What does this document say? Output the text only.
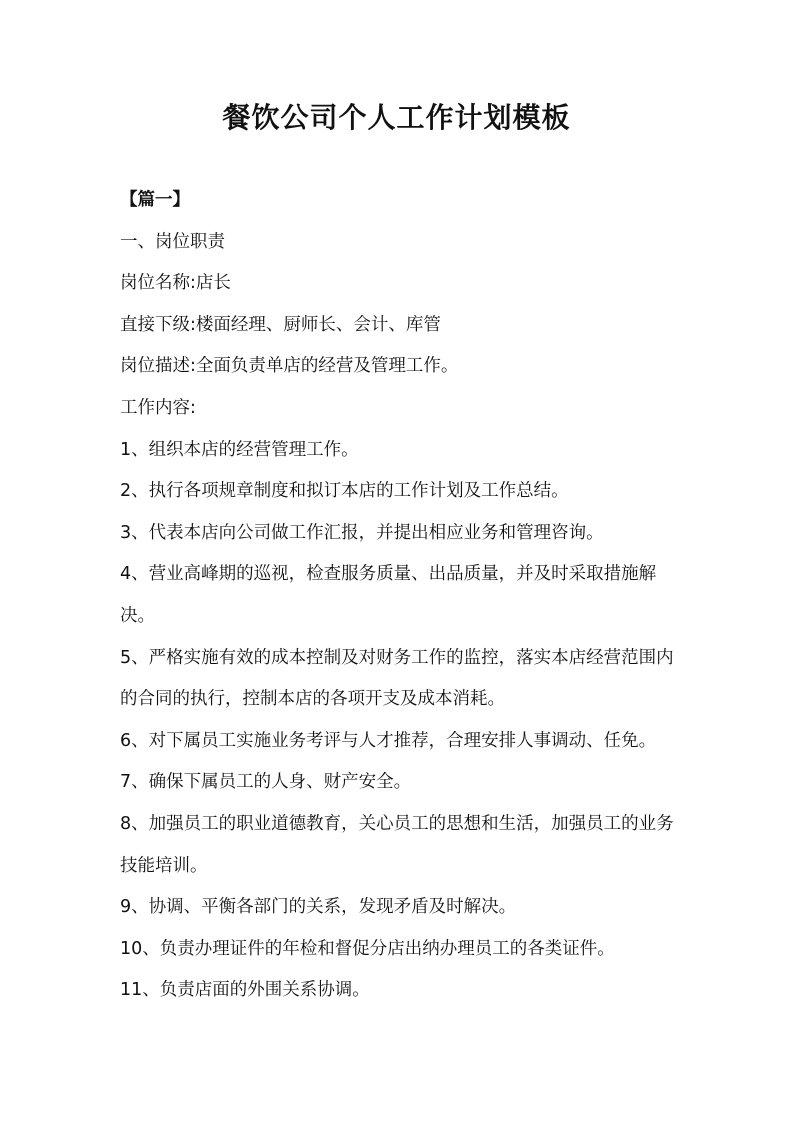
餐饮公司个人工作计划模板

【篇一】

一、岗位职责

岗位名称:店长

直接下级:楼面经理、厨师长、会计、库管

岗位描述:全面负责单店的经营及管理工作。

工作内容:

1、组织本店的经营管理工作。

2、执行各项规章制度和拟订本店的工作计划及工作总结。

3、代表本店向公司做工作汇报，并提出相应业务和管理咨询。

4、营业高峰期的巡视，检查服务质量、出品质量，并及时采取措施解决。

5、严格实施有效的成本控制及对财务工作的监控，落实本店经营范围内的合同的执行，控制本店的各项开支及成本消耗。

6、对下属员工实施业务考评与人才推荐，合理安排人事调动、任免。

7、确保下属员工的人身、财产安全。

8、加强员工的职业道德教育，关心员工的思想和生活，加强员工的业务技能培训。

9、协调、平衡各部门的关系，发现矛盾及时解决。

10、负责办理证件的年检和督促分店出纳办理员工的各类证件。

11、负责店面的外围关系协调。
